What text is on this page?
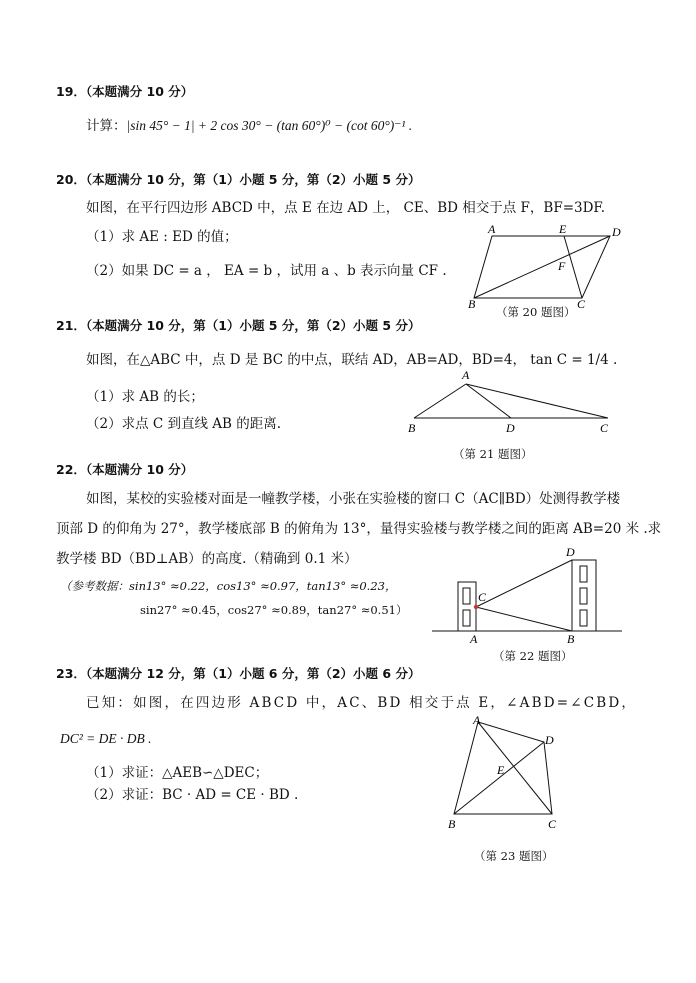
19．（本题满分 10 分）
计算：|sin 45° − 1| + 2 cos 30° − (tan 60°)⁰ − (cot 60°)⁻¹ .
20．（本题满分 10 分，第（1）小题 5 分，第（2）小题 5 分）
如图，在平行四边形 ABCD 中，点 E 在边 AD 上， CE、BD 相交于点 F，BF=3DF.
（1）求 AE : ED 的值；
（2）如果 DC = a ， EA = b ，试用 a 、b 表示向量 CF .
A	E	D
F
B	C
（第 20 题图）
21．（本题满分 10 分，第（1）小题 5 分，第（2）小题 5 分）
如图，在△ABC 中，点 D 是 BC 的中点，联结 AD，AB=AD，BD=4， tan C = 1/4 .
（1）求 AB 的长；
（2）求点 C 到直线 AB 的距离.
A
B	D	C
（第 21 题图）
22．（本题满分 10 分）
如图，某校的实验楼对面是一幢教学楼，小张在实验楼的窗口 C（AC∥BD）处测得教学楼
顶部 D 的仰角为 27°，教学楼底部 B 的俯角为 13°，量得实验楼与教学楼之间的距离 AB=20 米 .求
教学楼 BD（BD⊥AB）的高度.（精确到 0.1 米）
（参考数据：sin13° ≈0.22，cos13° ≈0.97，tan13° ≈0.23，
sin27° ≈0.45，cos27° ≈0.89，tan27° ≈0.51）
C
D
A	B
（第 22 题图）
23．（本题满分 12 分，第（1）小题 6 分，第（2）小题 6 分）
已知：如图，在四边形 ABCD 中，AC、BD 相交于点 E，∠ABD=∠CBD，
DC² = DE · DB .
（1）求证：△AEB∽△DEC；
（2）求证：BC · AD = CE · BD .
A
D
E
B	C
（第 23 题图）
